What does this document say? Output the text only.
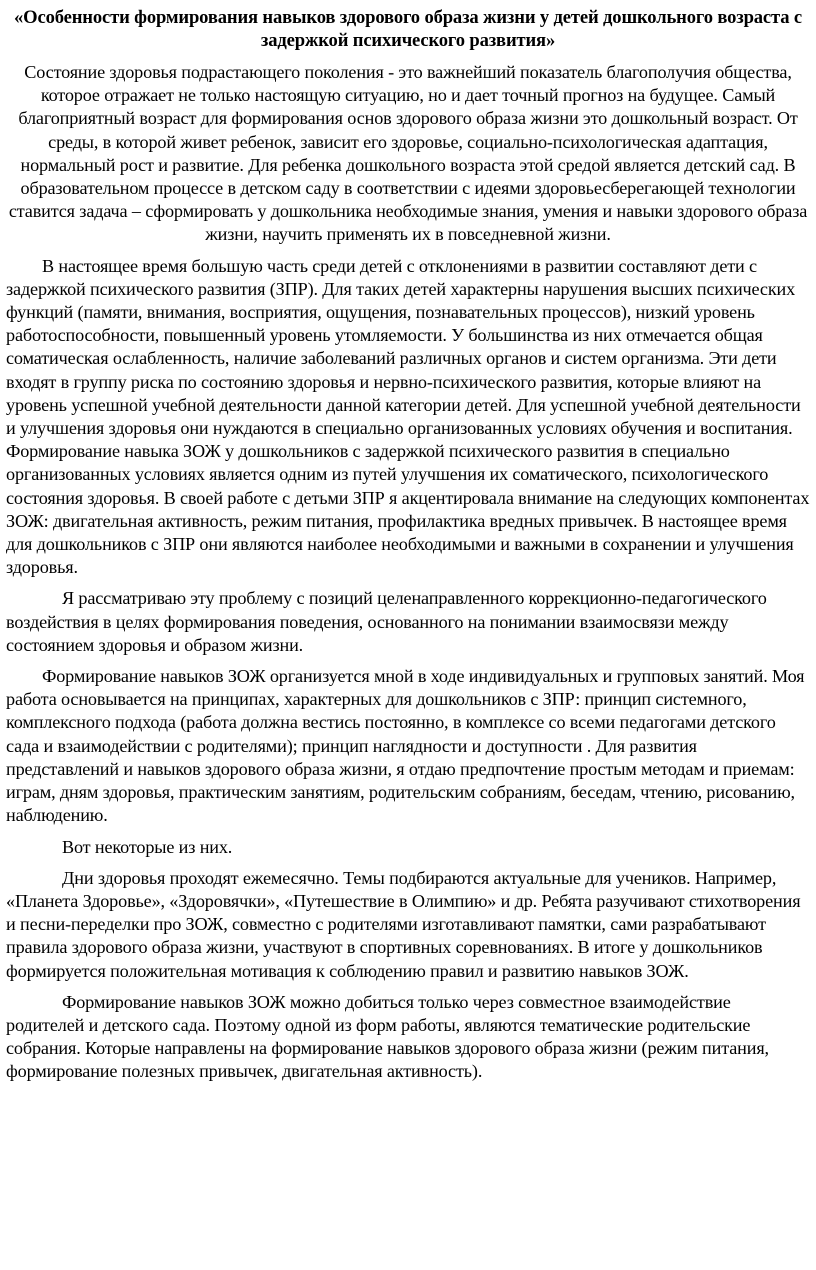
«Особенности формирования навыков здорового образа жизни у детей дошкольного возраста с задержкой психического развития»
Состояние здоровья подрастающего поколения - это важнейший показатель благополучия общества, которое отражает не только настоящую ситуацию, но и дает точный прогноз на будущее. Самый благоприятный возраст для формирования основ здорового образа жизни это дошкольный возраст. От среды, в которой живет ребенок, зависит его здоровье, социально-психологическая адаптация, нормальный рост и развитие. Для ребенка дошкольного возраста этой средой является детский сад. В образовательном процессе в детском саду в соответствии с идеями здоровьесберегающей технологии ставится задача – сформировать у дошкольника необходимые знания, умения и навыки здорового образа жизни, научить применять их в повседневной жизни.
В настоящее время большую часть среди детей с отклонениями в развитии составляют дети с задержкой психического развития (ЗПР). Для таких детей характерны нарушения высших психических функций (памяти, внимания, восприятия, ощущения, познавательных процессов), низкий уровень работоспособности, повышенный уровень утомляемости. У большинства из них отмечается общая соматическая ослабленность, наличие заболеваний различных органов и систем организма. Эти дети входят в группу риска по состоянию здоровья и нервно-психического развития, которые влияют на уровень успешной учебной деятельности данной категории детей. Для успешной учебной деятельности и улучшения здоровья они нуждаются в специально организованных условиях обучения и воспитания. Формирование навыка ЗОЖ у дошкольников с задержкой психического развития в специально организованных условиях является одним из путей улучшения их соматического, психологического состояния здоровья. В своей работе с детьми ЗПР я акцентировала внимание на следующих компонентах ЗОЖ: двигательная активность, режим питания, профилактика вредных привычек. В настоящее время для дошкольников с ЗПР они являются наиболее необходимыми и важными в сохранении и улучшения здоровья.
Я рассматриваю эту проблему с позиций целенаправленного коррекционно-педагогического воздействия в целях формирования поведения, основанного на понимании взаимосвязи между состоянием здоровья и образом жизни.
Формирование навыков ЗОЖ организуется мной в ходе индивидуальных и групповых занятий. Моя работа основывается на принципах, характерных для дошкольников с ЗПР: принцип системного, комплексного подхода (работа должна вестись постоянно, в комплексе со всеми педагогами детского сада и взаимодействии с родителями); принцип наглядности и доступности . Для развития представлений и навыков здорового образа жизни, я отдаю предпочтение простым методам и приемам: играм, дням здоровья, практическим занятиям, родительским собраниям, беседам, чтению, рисованию, наблюдению.
Вот некоторые из них.
Дни здоровья проходят ежемесячно. Темы подбираются актуальные для учеников. Например, «Планета Здоровье», «Здоровячки», «Путешествие в Олимпию» и др. Ребята разучивают стихотворения и песни-переделки про ЗОЖ, совместно с родителями изготавливают памятки, сами разрабатывают правила здорового образа жизни, участвуют в спортивных соревнованиях. В итоге у дошкольников формируется положительная мотивация к соблюдению правил и развитию навыков ЗОЖ.
Формирование навыков ЗОЖ можно добиться только через совместное взаимодействие родителей и детского сада. Поэтому одной из форм работы, являются тематические родительские собрания. Которые направлены на формирование навыков здорового образа жизни (режим питания, формирование полезных привычек, двигательная активность).
